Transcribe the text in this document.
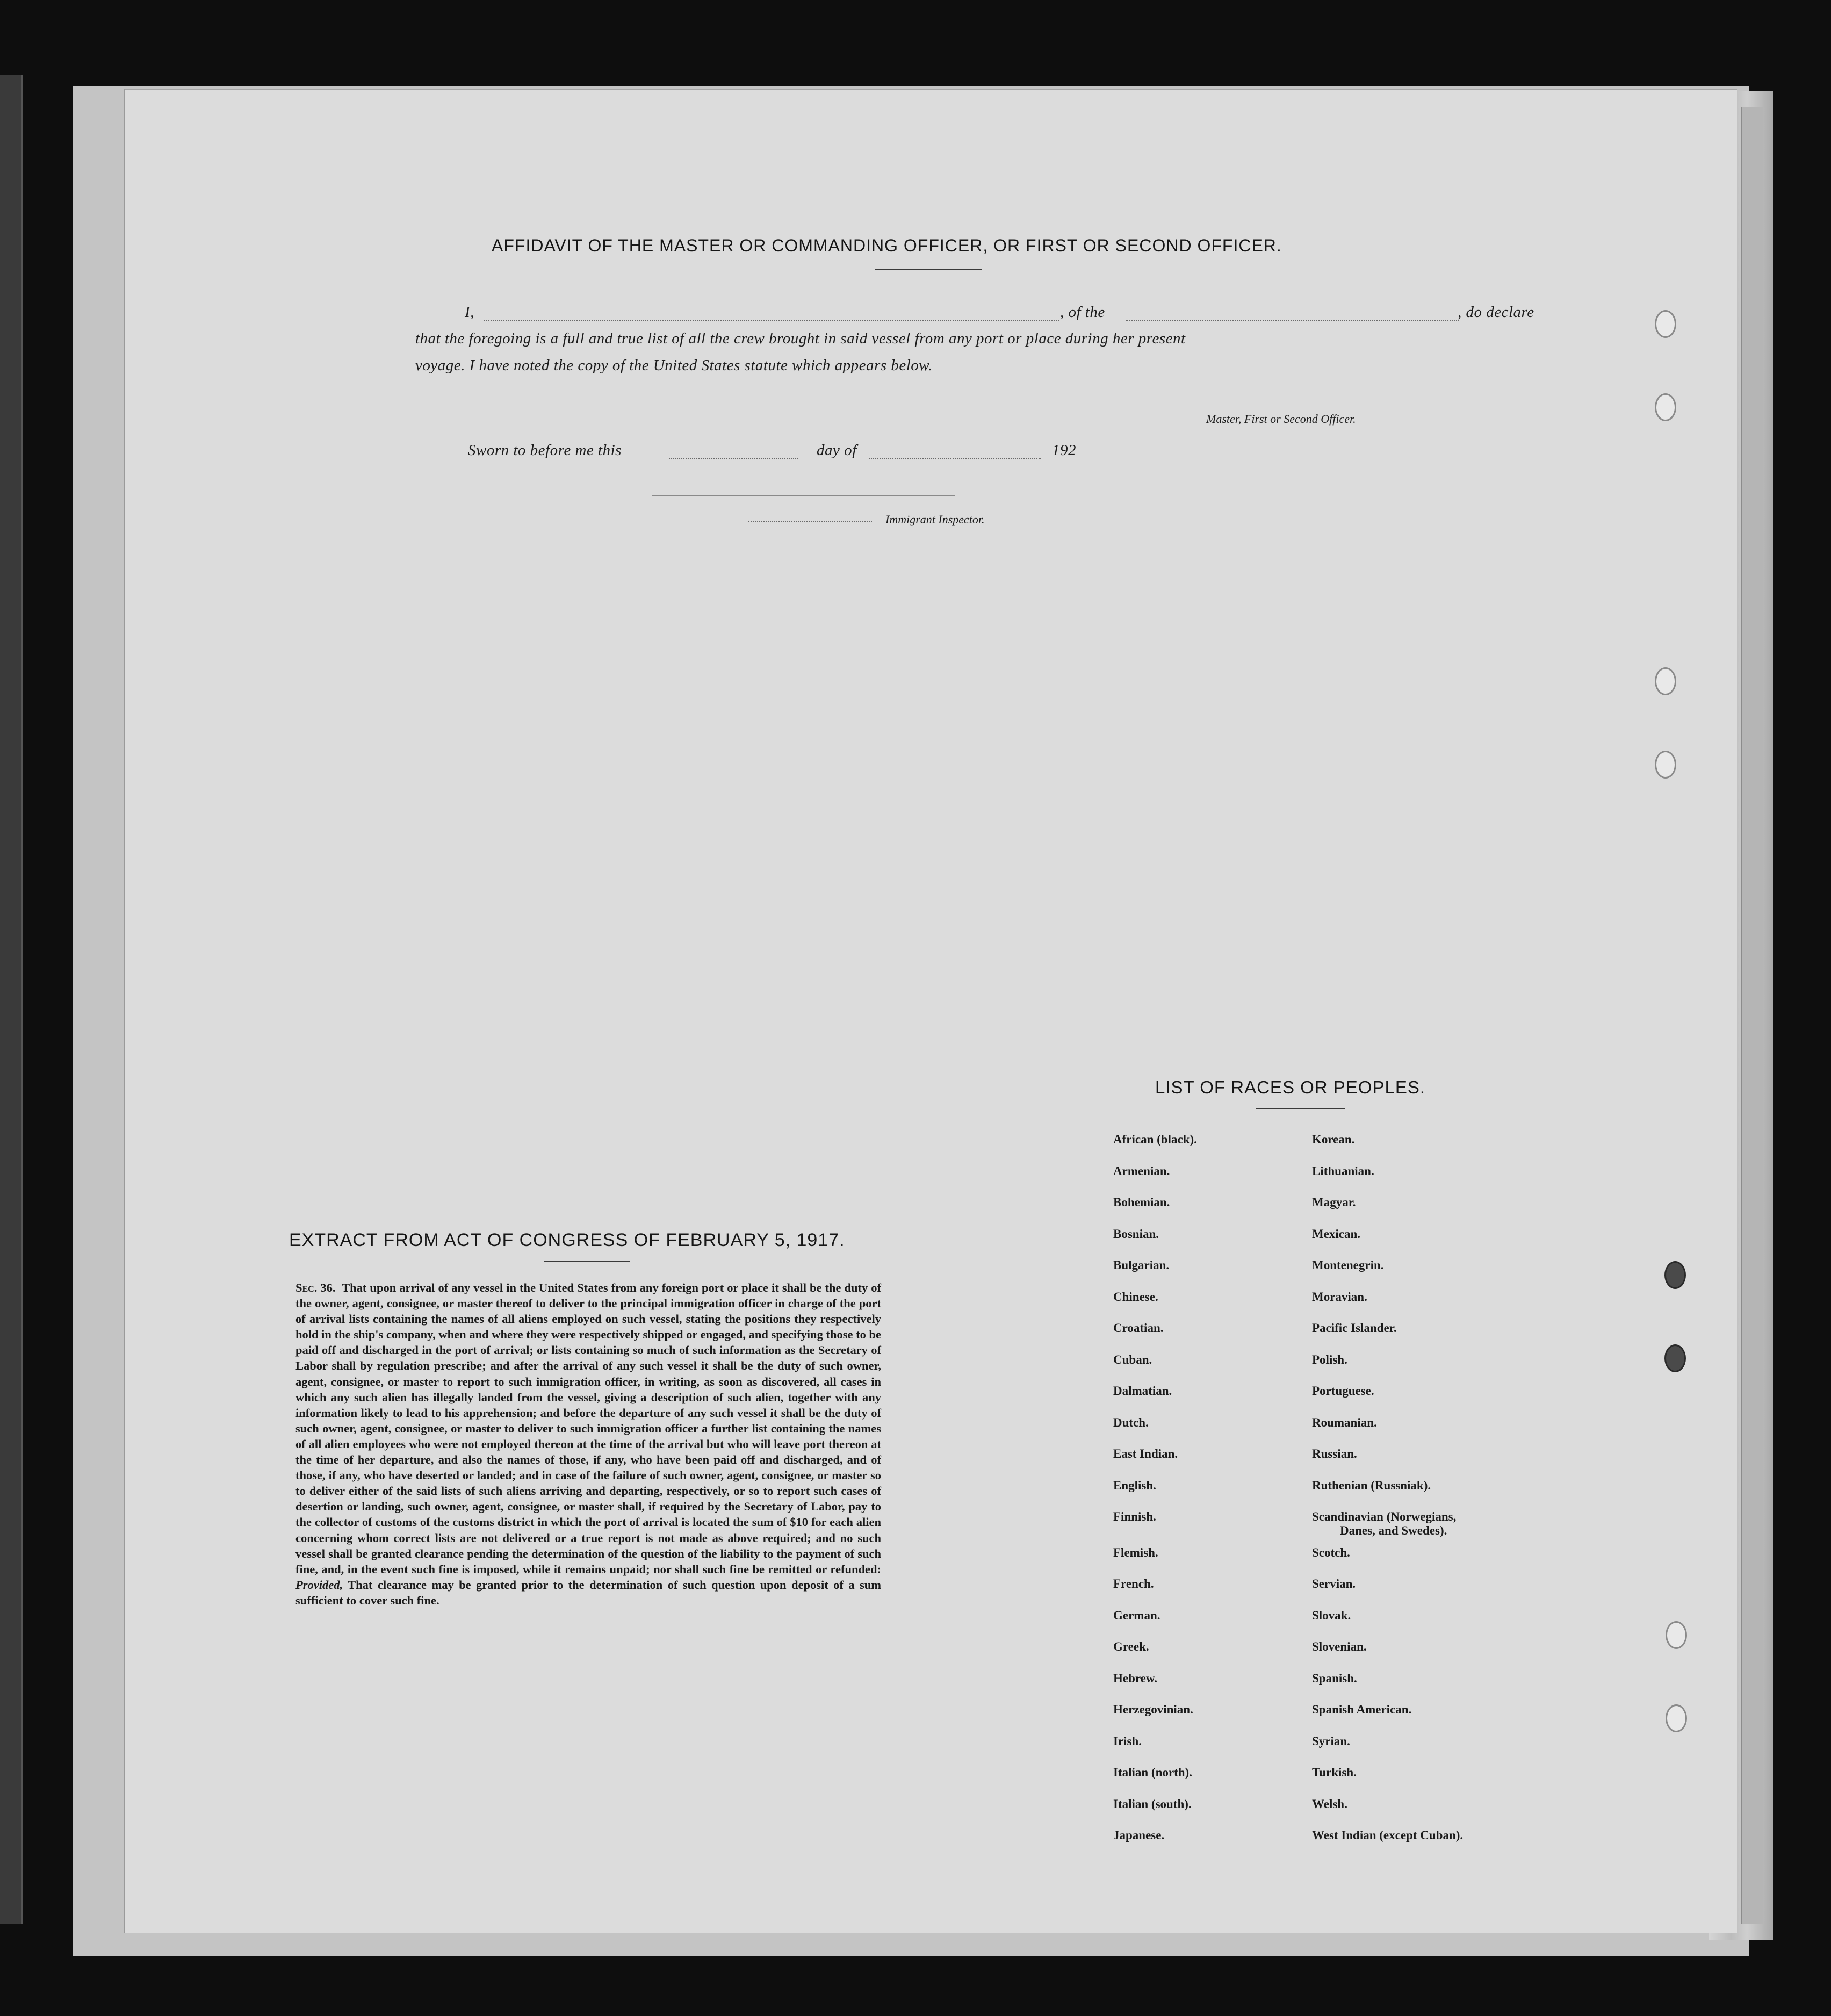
AFFIDAVIT OF THE MASTER OR COMMANDING OFFICER, OR FIRST OR SECOND OFFICER.
I,	, of the	, do declare
that the foregoing is a full and true list of all the crew brought in said vessel from any port or place during her present
voyage. I have noted the copy of the United States statute which appears below.
Master, First or Second Officer.
Sworn to before me this	day of	192
Immigrant Inspector.
EXTRACT FROM ACT OF CONGRESS OF FEBRUARY 5, 1917.
LIST OF RACES OR PEOPLES.

Sec. 36. That upon arrival of any vessel in the United States from any foreign port or place it shall be the duty of the owner, agent, consignee, or master thereof to deliver to the principal immigration officer in charge of the port of arrival lists containing the names of all aliens employed on such vessel, stating the positions they respectively hold in the ship's company, when and where they were respectively shipped or engaged, and specifying those to be paid off and discharged in the port of arrival; or lists containing so much of such information as the Secretary of Labor shall by regulation prescribe; and after the arrival of any such vessel it shall be the duty of such owner, agent, consignee, or master to report to such immigration officer, in writing, as soon as discovered, all cases in which any such alien has illegally landed from the vessel, giving a description of such alien, together with any information likely to lead to his apprehension; and before the departure of any such vessel it shall be the duty of such owner, agent, consignee, or master to deliver to such immigration officer a further list containing the names of all alien employees who were not employed thereon at the time of the arrival but who will leave port thereon at the time of her departure, and also the names of those, if any, who have been paid off and discharged, and of those, if any, who have deserted or landed; and in case of the failure of such owner, agent, consignee, or master so to deliver either of the said lists of such aliens arriving and departing, respectively, or so to report such cases of desertion or landing, such owner, agent, consignee, or master shall, if required by the Secretary of Labor, pay to the collector of customs of the customs district in which the port of arrival is located the sum of $10 for each alien concerning whom correct lists are not delivered or a true report is not made as above required; and no such vessel shall be granted clearance pending the determination of the question of the liability to the payment of such fine, and, in the event such fine is imposed, while it remains unpaid; nor shall such fine be remitted or refunded: Provided, That clearance may be granted prior to the determination of such question upon deposit of a sum sufficient to cover such fine.

African (black).	Korean.
Armenian.	Lithuanian.
Bohemian.	Magyar.
Bosnian.	Mexican.
Bulgarian.	Montenegrin.
Chinese.	Moravian.
Croatian.	Pacific Islander.
Cuban.	Polish.
Dalmatian.	Portuguese.
Dutch.	Roumanian.
East Indian.	Russian.
English.	Ruthenian (Russniak).
Finnish.	Scandinavian (Norwegians,
Danes, and Swedes).
Flemish.	Scotch.
French.	Servian.
German.	Slovak.
Greek.	Slovenian.
Hebrew.	Spanish.
Herzegovinian.	Spanish American.
Irish.	Syrian.
Italian (north).	Turkish.
Italian (south).	Welsh.
Japanese.	West Indian (except Cuban).
